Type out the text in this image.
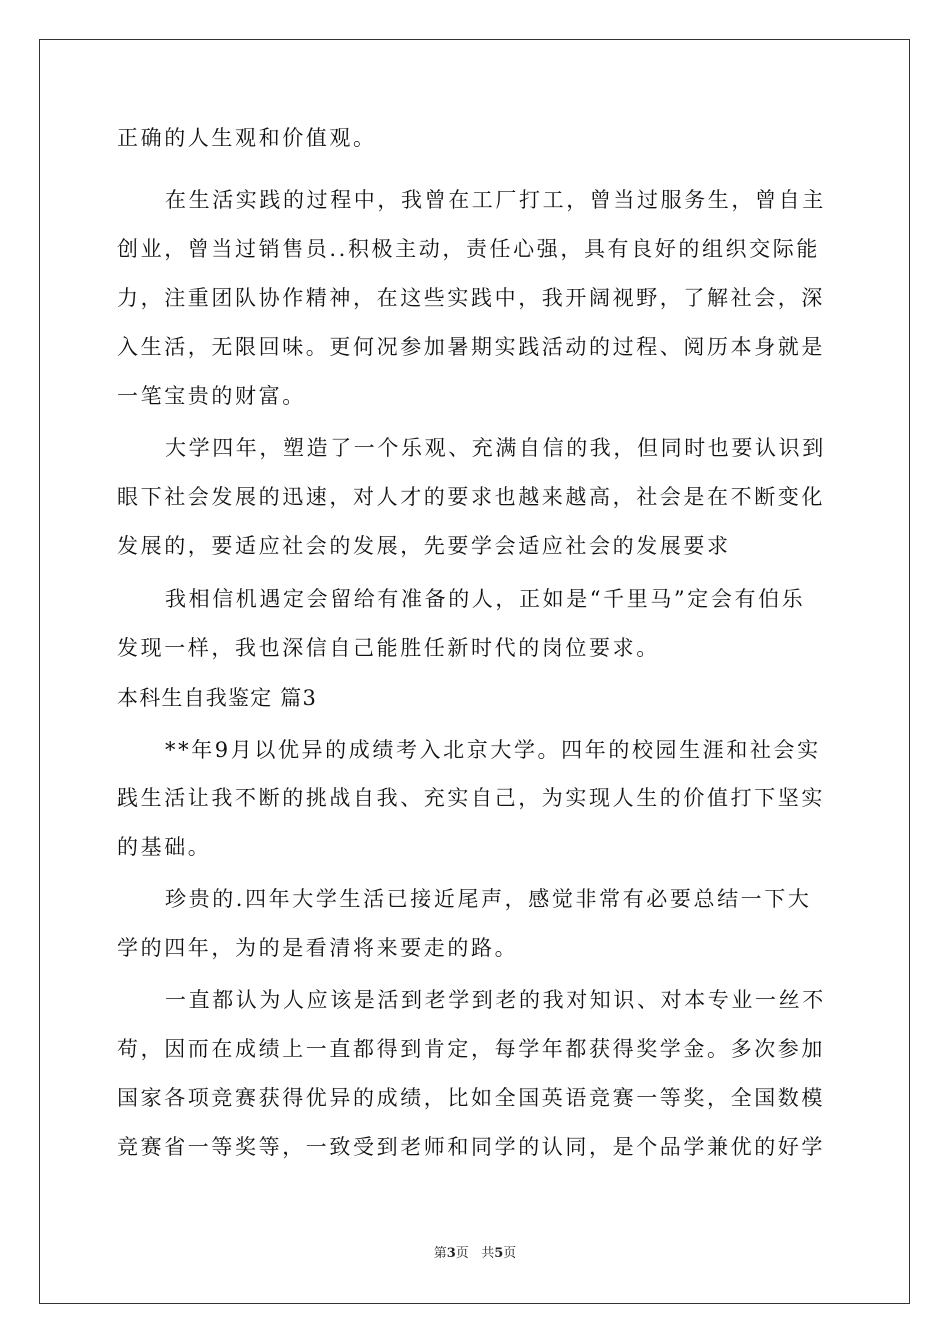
正确的人生观和价值观。
在生活实践的过程中，我曾在工厂打工，曾当过服务生，曾自主
创业，曾当过销售员..积极主动，责任心强，具有良好的组织交际能
力，注重团队协作精神，在这些实践中，我开阔视野，了解社会，深
入生活，无限回味。更何况参加暑期实践活动的过程、阅历本身就是
一笔宝贵的财富。
大学四年，塑造了一个乐观、充满自信的我，但同时也要认识到
眼下社会发展的迅速，对人才的要求也越来越高，社会是在不断变化
发展的，要适应社会的发展，先要学会适应社会的发展要求
我相信机遇定会留给有准备的人，正如是“千里马”定会有伯乐
发现一样，我也深信自己能胜任新时代的岗位要求。
本科生自我鉴定 篇3
**年9月以优异的成绩考入北京大学。四年的校园生涯和社会实
践生活让我不断的挑战自我、充实自己，为实现人生的价值打下坚实
的基础。
珍贵的.四年大学生活已接近尾声，感觉非常有必要总结一下大
学的四年，为的是看清将来要走的路。
一直都认为人应该是活到老学到老的我对知识、对本专业一丝不
苟，因而在成绩上一直都得到肯定，每学年都获得奖学金。多次参加
国家各项竞赛获得优异的成绩，比如全国英语竞赛一等奖，全国数模
竞赛省一等奖等，一致受到老师和同学的认同，是个品学兼优的好学
第3页 共5页
